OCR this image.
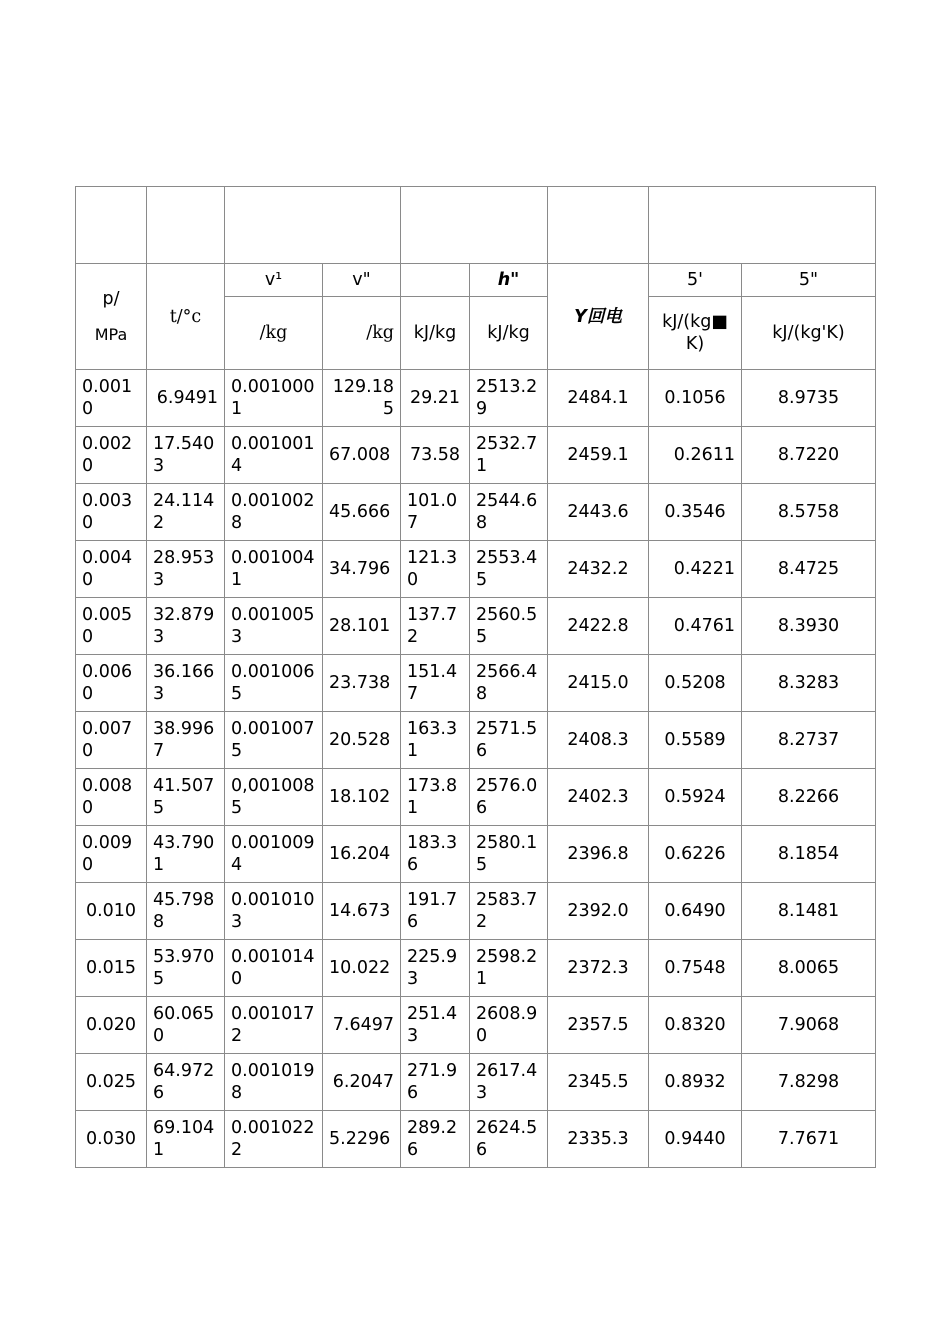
p/
MPa	t/°c	v¹	v"		h"	Y回电	5'	5"
		/kg	/kg	kJ/kg	kJ/kg		kJ/(kg■K)	kJ/(kg'K)
0.0010	6.9491	0.0010001	129.185	29.21	2513.29	2484.1	0.1056	8.9735
0.0020	17.5403	0.0010014	67.008	73.58	2532.71	2459.1	0.2611	8.7220
0.0030	24.1142	0.0010028	45.666	101.07	2544.68	2443.6	0.3546	8.5758
0.0040	28.9533	0.0010041	34.796	121.30	2553.45	2432.2	0.4221	8.4725
0.0050	32.8793	0.0010053	28.101	137.72	2560.55	2422.8	0.4761	8.3930
0.0060	36.1663	0.0010065	23.738	151.47	2566.48	2415.0	0.5208	8.3283
0.0070	38.9967	0.0010075	20.528	163.31	2571.56	2408.3	0.5589	8.2737
0.0080	41.5075	0,0010085	18.102	173.81	2576.06	2402.3	0.5924	8.2266
0.0090	43.7901	0.0010094	16.204	183.36	2580.15	2396.8	0.6226	8.1854
0.010	45.7988	0.0010103	14.673	191.76	2583.72	2392.0	0.6490	8.1481
0.015	53.9705	0.0010140	10.022	225.93	2598.21	2372.3	0.7548	8.0065
0.020	60.0650	0.0010172	7.6497	251.43	2608.90	2357.5	0.8320	7.9068
0.025	64.9726	0.0010198	6.2047	271.96	2617.43	2345.5	0.8932	7.8298
0.030	69.1041	0.0010222	5.2296	289.26	2624.56	2335.3	0.9440	7.7671
